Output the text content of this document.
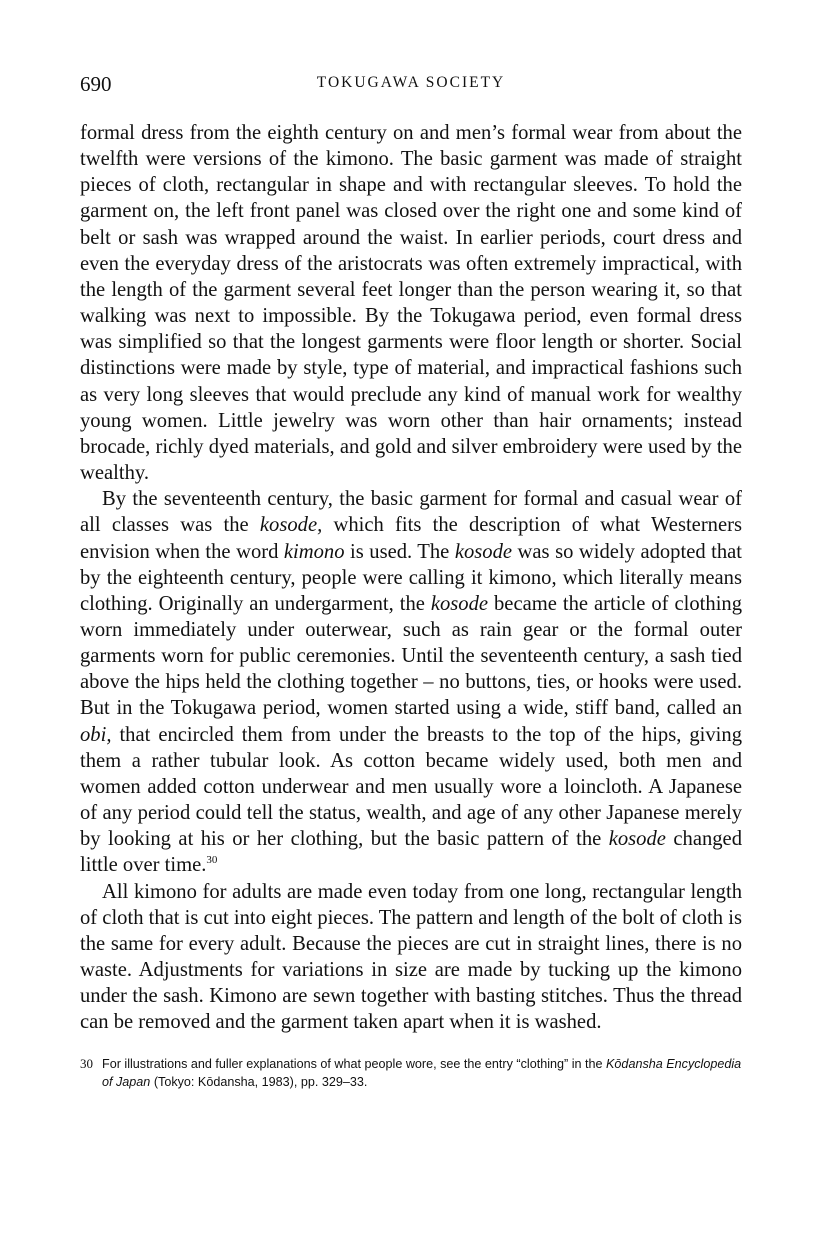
690	TOKUGAWA SOCIETY

formal dress from the eighth century on and men’s formal wear from about the twelfth were versions of the kimono. The basic garment was made of straight pieces of cloth, rectangular in shape and with rectangular sleeves. To hold the garment on, the left front panel was closed over the right one and some kind of belt or sash was wrapped around the waist. In earlier periods, court dress and even the everyday dress of the aristocrats was often extremely impractical, with the length of the garment several feet longer than the person wearing it, so that walking was next to impossible. By the Tokugawa period, even formal dress was simplified so that the longest garments were floor length or shorter. Social distinctions were made by style, type of material, and impractical fashions such as very long sleeves that would preclude any kind of manual work for wealthy young women. Little jewelry was worn other than hair ornaments; instead brocade, richly dyed materials, and gold and silver embroidery were used by the wealthy.

By the seventeenth century, the basic garment for formal and casual wear of all classes was the kosode, which fits the description of what Westerners envision when the word kimono is used. The kosode was so widely adopted that by the eighteenth century, people were calling it kimono, which literally means clothing. Originally an undergarment, the kosode became the article of clothing worn immediately under outerwear, such as rain gear or the formal outer garments worn for public ceremonies. Until the seventeenth century, a sash tied above the hips held the clothing together – no buttons, ties, or hooks were used. But in the Tokugawa period, women started using a wide, stiff band, called an obi, that encircled them from under the breasts to the top of the hips, giving them a rather tubular look. As cotton became widely used, both men and women added cotton underwear and men usually wore a loincloth. A Japanese of any period could tell the status, wealth, and age of any other Japanese merely by looking at his or her clothing, but the basic pattern of the kosode changed little over time.$^{30}$

All kimono for adults are made even today from one long, rectangular length of cloth that is cut into eight pieces. The pattern and length of the bolt of cloth is the same for every adult. Because the pieces are cut in straight lines, there is no waste. Adjustments for variations in size are made by tucking up the kimono under the sash. Kimono are sewn together with basting stitches. Thus the thread can be removed and the garment taken apart when it is washed.

30 For illustrations and fuller explanations of what people wore, see the entry “clothing” in the Kōdansha Encyclopedia of Japan (Tokyo: Kōdansha, 1983), pp. 329–33.
